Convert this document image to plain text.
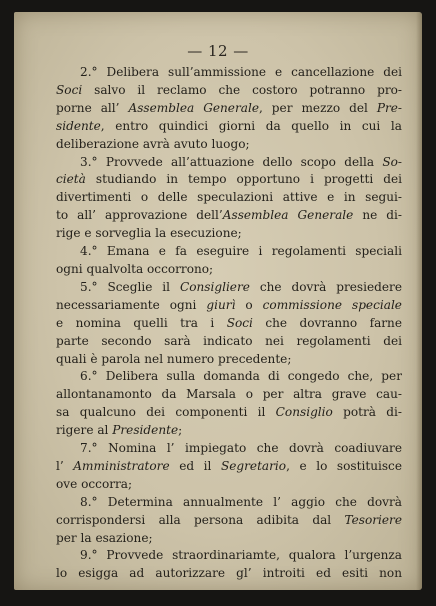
— 12 —
2.° Delibera sull’ammissione e cancellazione dei
Soci salvo il reclamo che costoro potranno pro-
porne all’ Assemblea Generale, per mezzo del Pre-
sidente, entro quindici giorni da quello in cui la
deliberazione avrà avuto luogo;
3.° Provvede all’attuazione dello scopo della So-
cietà studiando in tempo opportuno i progetti dei
divertimenti o delle speculazioni attive e in segui-
to all’ approvazione dell’Assemblea Generale ne di-
rige e sorveglia la esecuzione;
4.° Emana e fa eseguire i regolamenti speciali
ogni qualvolta occorrono;
5.° Sceglie il Consigliere che dovrà presiedere
necessariamente ogni giurì o commissione speciale
e nomina quelli tra i Soci che dovranno farne
parte secondo sarà indicato nei regolamenti dei
quali è parola nel numero precedente;
6.° Delibera sulla domanda di congedo che, per
allontanamonto da Marsala o per altra grave cau-
sa qualcuno dei componenti il Consiglio potrà di-
rigere al Presidente;
7.° Nomina l’ impiegato che dovrà coadiuvare
l’ Amministratore ed il Segretario, e lo sostituisce
ove occorra;
8.° Determina annualmente l’ aggio che dovrà
corrispondersi alla persona adibita dal Tesoriere
per la esazione;
9.° Provvede straordinariamte, qualora l’urgenza
lo esigga ad autorizzare gl’ introiti ed esiti non
